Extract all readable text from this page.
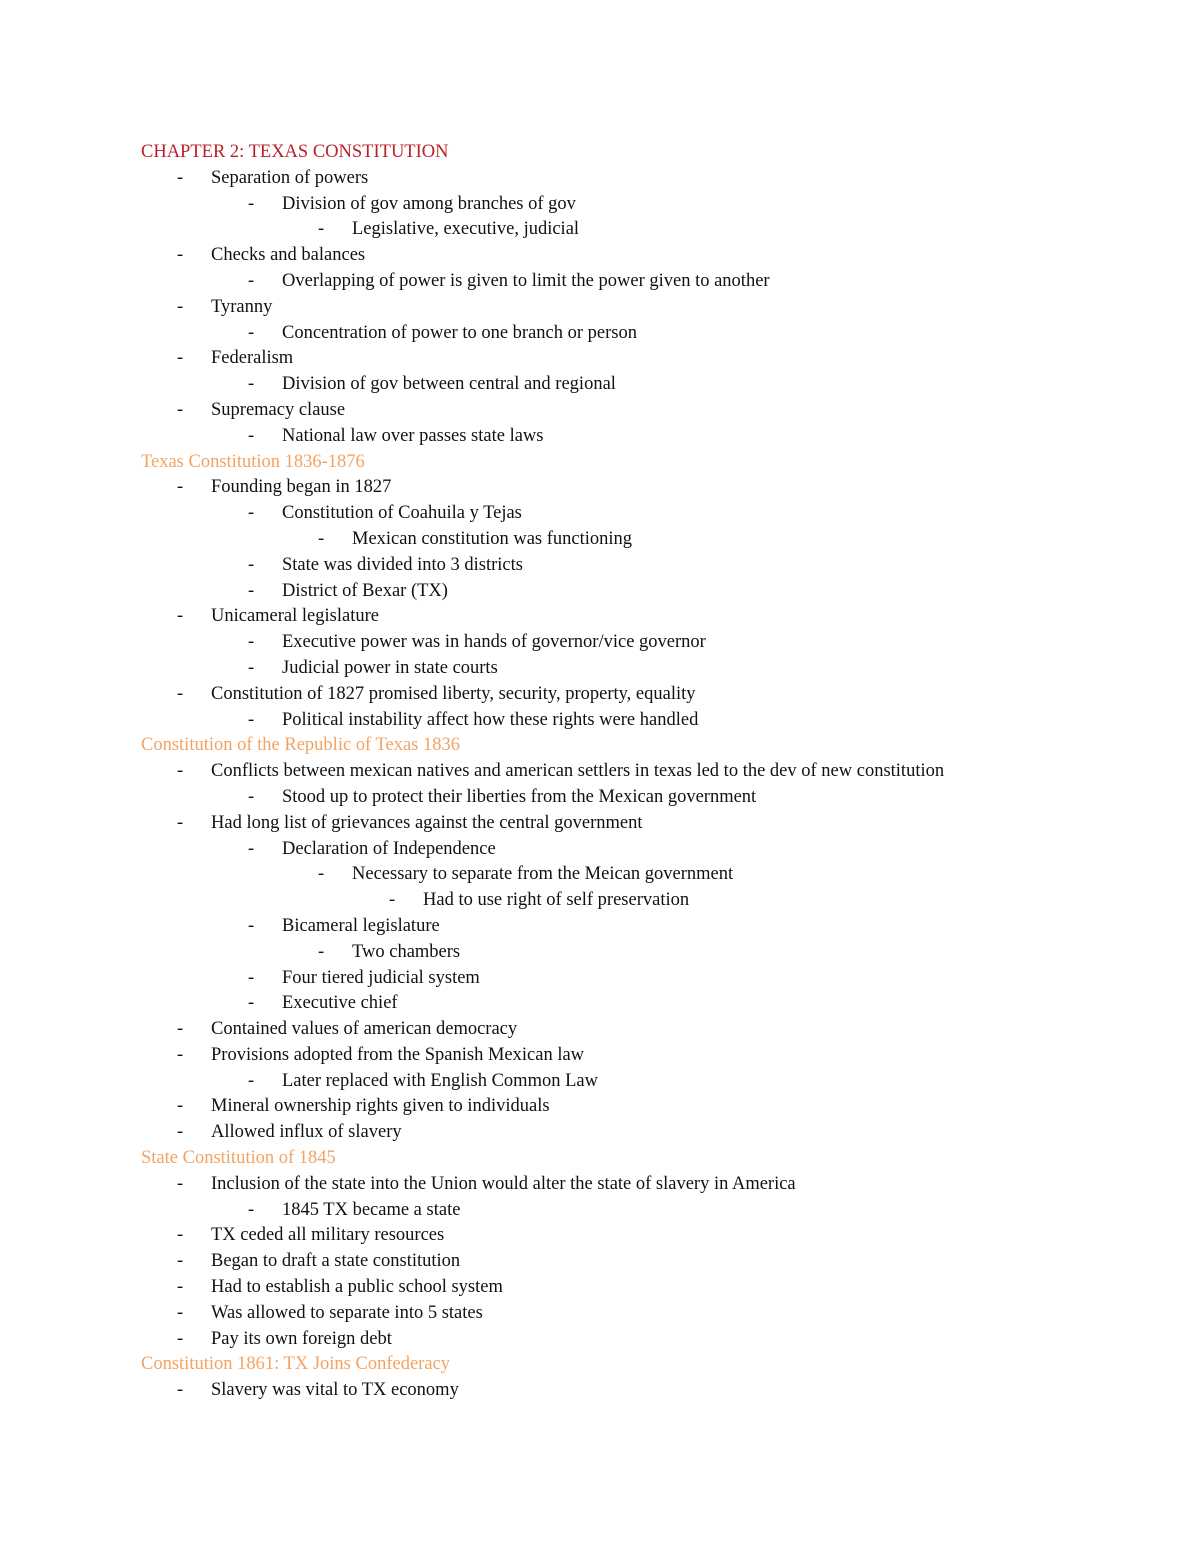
CHAPTER 2: TEXAS CONSTITUTION
- Separation of powers
- Division of gov among branches of gov
- Legislative, executive, judicial
- Checks and balances
- Overlapping of power is given to limit the power given to another
- Tyranny
- Concentration of power to one branch or person
- Federalism
- Division of gov between central and regional
- Supremacy clause
- National law over passes state laws
Texas Constitution 1836-1876
- Founding began in 1827
- Constitution of Coahuila y Tejas
- Mexican constitution was functioning
- State was divided into 3 districts
- District of Bexar (TX)
- Unicameral legislature
- Executive power was in hands of governor/vice governor
- Judicial power in state courts
- Constitution of 1827 promised liberty, security, property, equality
- Political instability affect how these rights were handled
Constitution of the Republic of Texas 1836
- Conflicts between mexican natives and american settlers in texas led to the dev of new constitution
- Stood up to protect their liberties from the Mexican government
- Had long list of grievances against the central government
- Declaration of Independence
- Necessary to separate from the Meican government
- Had to use right of self preservation
- Bicameral legislature
- Two chambers
- Four tiered judicial system
- Executive chief
- Contained values of american democracy
- Provisions adopted from the Spanish Mexican law
- Later replaced with English Common Law
- Mineral ownership rights given to individuals
- Allowed influx of slavery
State Constitution of 1845
- Inclusion of the state into the Union would alter the state of slavery in America
- 1845 TX became a state
- TX ceded all military resources
- Began to draft a state constitution
- Had to establish a public school system
- Was allowed to separate into 5 states
- Pay its own foreign debt
Constitution 1861: TX Joins Confederacy
- Slavery was vital to TX economy
